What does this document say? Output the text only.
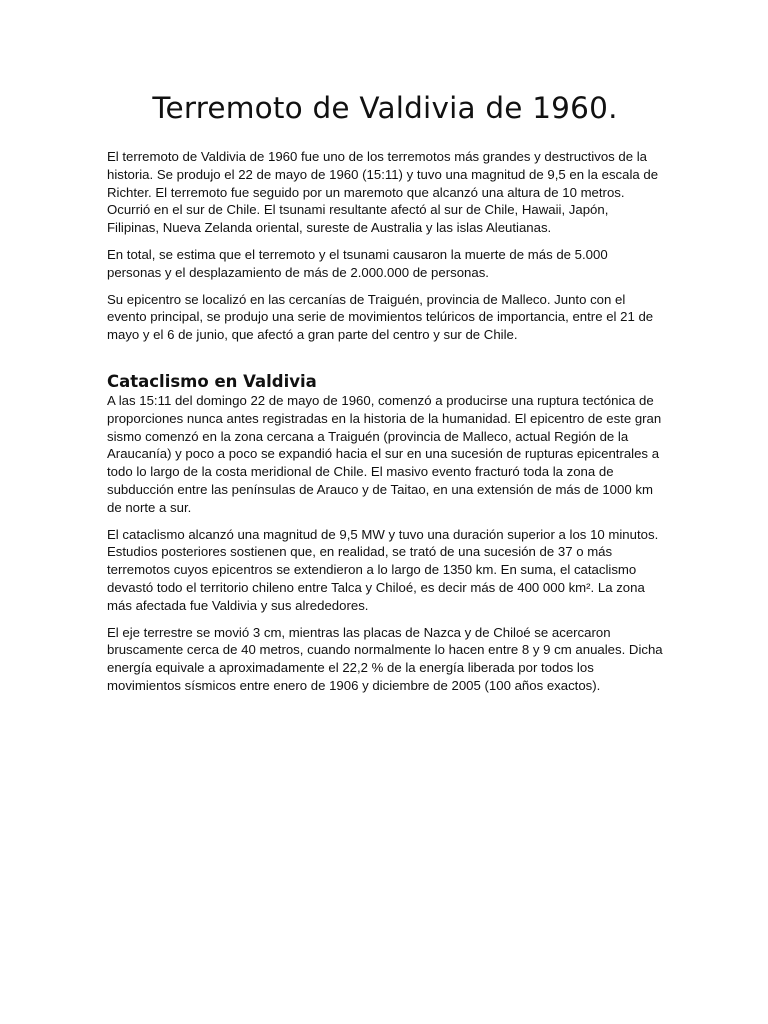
Terremoto de Valdivia de 1960.

El terremoto de Valdivia de 1960 fue uno de los terremotos más grandes y destructivos de la historia. Se produjo el 22 de mayo de 1960 (15:11) y tuvo una magnitud de 9,5 en la escala de Richter. El terremoto fue seguido por un maremoto que alcanzó una altura de 10 metros. Ocurrió en el sur de Chile. El tsunami resultante afectó al sur de Chile, Hawaii, Japón, Filipinas, Nueva Zelanda oriental, sureste de Australia y las islas Aleutianas.

En total, se estima que el terremoto y el tsunami causaron la muerte de más de 5.000 personas y el desplazamiento de más de 2.000.000 de personas.

Su epicentro se localizó en las cercanías de Traiguén, provincia de Malleco. Junto con el evento principal, se produjo una serie de movimientos telúricos de importancia, entre el 21 de mayo y el 6 de junio, que afectó a gran parte del centro y sur de Chile.

Cataclismo en Valdivia

A las 15:11 del domingo 22 de mayo de 1960, comenzó a producirse una ruptura tectónica de proporciones nunca antes registradas en la historia de la humanidad. El epicentro de este gran sismo comenzó en la zona cercana a Traiguén (provincia de Malleco, actual Región de la Araucanía) y poco a poco se expandió hacia el sur en una sucesión de rupturas epicentrales a todo lo largo de la costa meridional de Chile. El masivo evento fracturó toda la zona de subducción entre las penínsulas de Arauco y de Taitao, en una extensión de más de 1000 km de norte a sur.

El cataclismo alcanzó una magnitud de 9,5 MW y tuvo una duración superior a los 10 minutos. Estudios posteriores sostienen que, en realidad, se trató de una sucesión de 37 o más terremotos cuyos epicentros se extendieron a lo largo de 1350 km. En suma, el cataclismo devastó todo el territorio chileno entre Talca y Chiloé, es decir más de 400 000 km². La zona más afectada fue Valdivia y sus alrededores.

El eje terrestre se movió 3 cm, mientras las placas de Nazca y de Chiloé se acercaron bruscamente cerca de 40 metros, cuando normalmente lo hacen entre 8 y 9 cm anuales. Dicha energía equivale a aproximadamente el 22,2 % de la energía liberada por todos los movimientos sísmicos entre enero de 1906 y diciembre de 2005 (100 años exactos).
